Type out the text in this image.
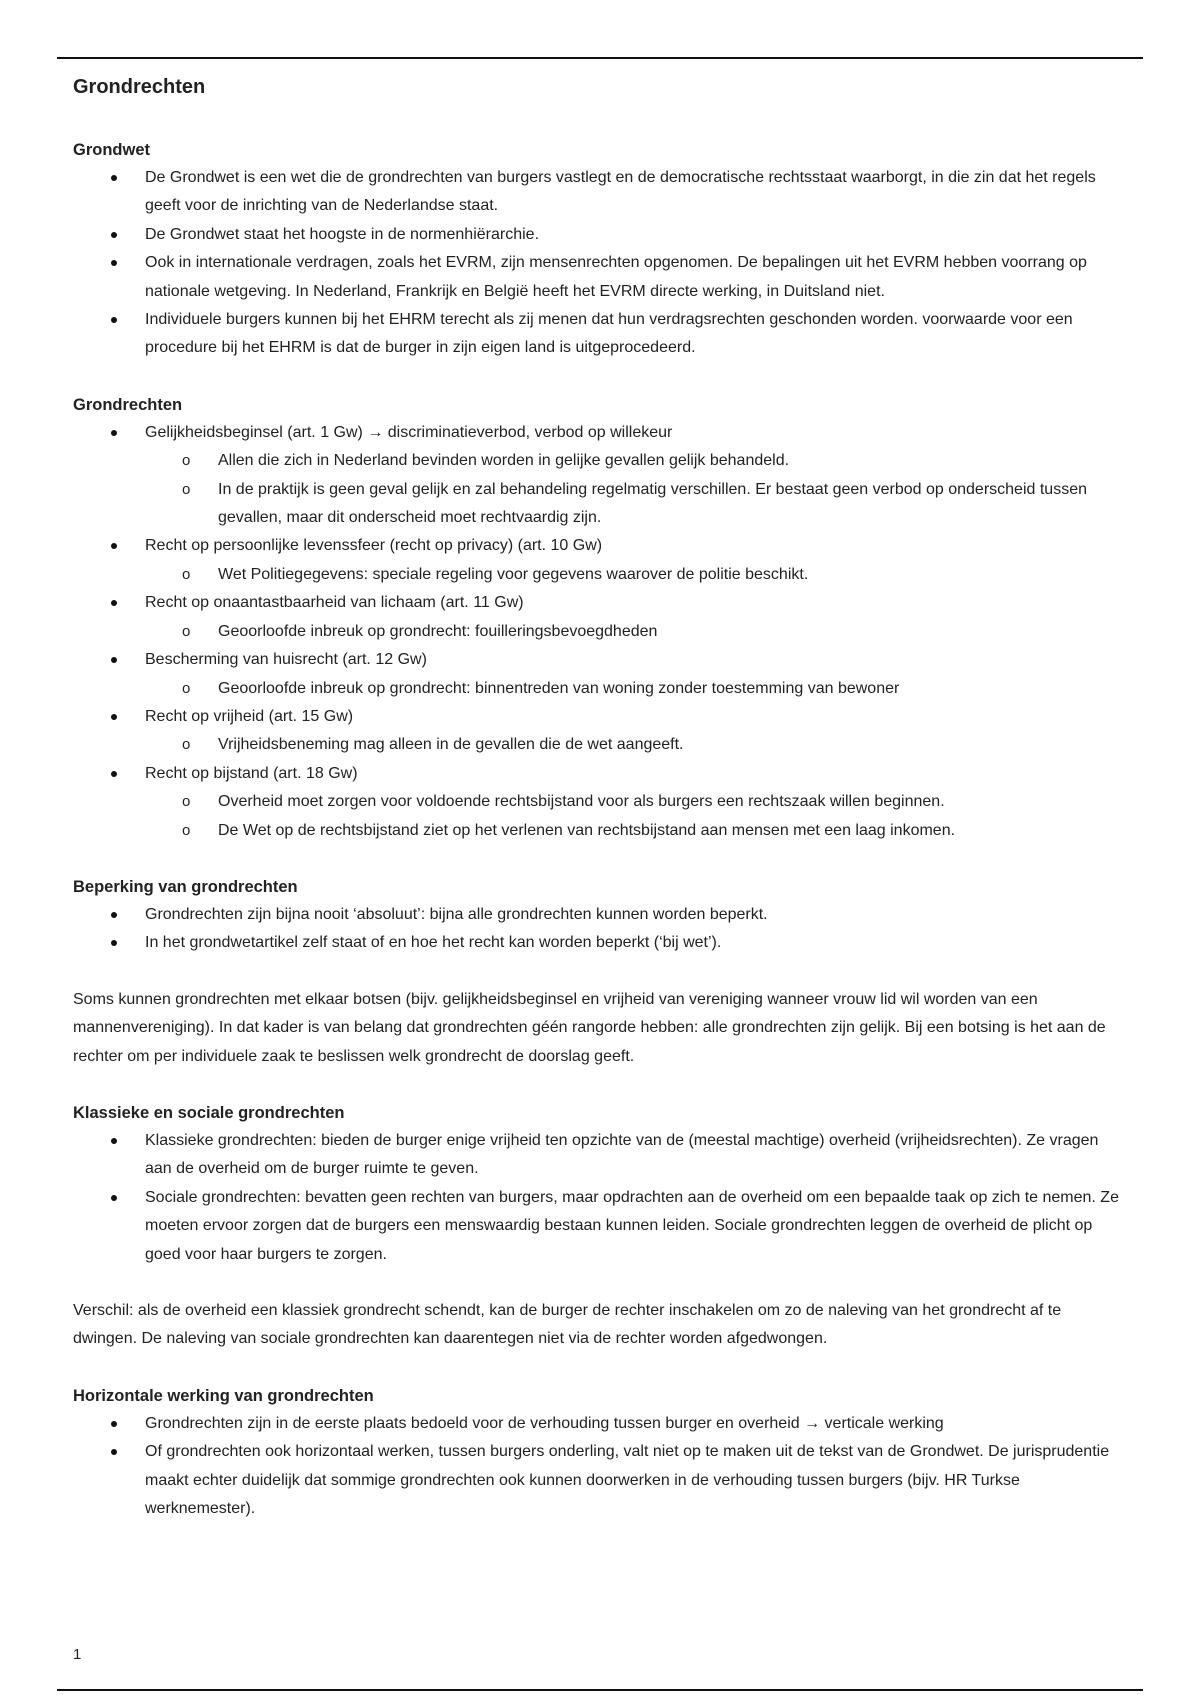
Grondrechten
Grondwet
De Grondwet is een wet die de grondrechten van burgers vastlegt en de democratische rechtsstaat waarborgt, in die zin dat het regels geeft voor de inrichting van de Nederlandse staat.
De Grondwet staat het hoogste in de normenhiërarchie.
Ook in internationale verdragen, zoals het EVRM, zijn mensenrechten opgenomen. De bepalingen uit het EVRM hebben voorrang op nationale wetgeving. In Nederland, Frankrijk en België heeft het EVRM directe werking, in Duitsland niet.
Individuele burgers kunnen bij het EHRM terecht als zij menen dat hun verdragsrechten geschonden worden. voorwaarde voor een procedure bij het EHRM is dat de burger in zijn eigen land is uitgeprocedeerd.
Grondrechten
Gelijkheidsbeginsel (art. 1 Gw) → discriminatieverbod, verbod op willekeur
o Allen die zich in Nederland bevinden worden in gelijke gevallen gelijk behandeld.
o In de praktijk is geen geval gelijk en zal behandeling regelmatig verschillen. Er bestaat geen verbod op onderscheid tussen gevallen, maar dit onderscheid moet rechtvaardig zijn.
Recht op persoonlijke levenssfeer (recht op privacy) (art. 10 Gw)
o Wet Politiegegevens: speciale regeling voor gegevens waarover de politie beschikt.
Recht op onaantastbaarheid van lichaam (art. 11 Gw)
o Geoorloofde inbreuk op grondrecht: fouilleringsbevoegdheden
Bescherming van huisrecht (art. 12 Gw)
o Geoorloofde inbreuk op grondrecht: binnentreden van woning zonder toestemming van bewoner
Recht op vrijheid (art. 15 Gw)
o Vrijheidsbeneming mag alleen in de gevallen die de wet aangeeft.
Recht op bijstand (art. 18 Gw)
o Overheid moet zorgen voor voldoende rechtsbijstand voor als burgers een rechtszaak willen beginnen.
o De Wet op de rechtsbijstand ziet op het verlenen van rechtsbijstand aan mensen met een laag inkomen.
Beperking van grondrechten
Grondrechten zijn bijna nooit ‘absoluut’: bijna alle grondrechten kunnen worden beperkt.
In het grondwetartikel zelf staat of en hoe het recht kan worden beperkt (‘bij wet’).

Soms kunnen grondrechten met elkaar botsen (bijv. gelijkheidsbeginsel en vrijheid van vereniging wanneer vrouw lid wil worden van een mannenvereniging). In dat kader is van belang dat grondrechten géén rangorde hebben: alle grondrechten zijn gelijk. Bij een botsing is het aan de rechter om per individuele zaak te beslissen welk grondrecht de doorslag geeft.

Klassieke en sociale grondrechten
Klassieke grondrechten: bieden de burger enige vrijheid ten opzichte van de (meestal machtige) overheid (vrijheidsrechten). Ze vragen aan de overheid om de burger ruimte te geven.
Sociale grondrechten: bevatten geen rechten van burgers, maar opdrachten aan de overheid om een bepaalde taak op zich te nemen. Ze moeten ervoor zorgen dat de burgers een menswaardig bestaan kunnen leiden. Sociale grondrechten leggen de overheid de plicht op goed voor haar burgers te zorgen.

Verschil: als de overheid een klassiek grondrecht schendt, kan de burger de rechter inschakelen om zo de naleving van het grondrecht af te dwingen. De naleving van sociale grondrechten kan daarentegen niet via de rechter worden afgedwongen.

Horizontale werking van grondrechten
Grondrechten zijn in de eerste plaats bedoeld voor de verhouding tussen burger en overheid → verticale werking
Of grondrechten ook horizontaal werken, tussen burgers onderling, valt niet op te maken uit de tekst van de Grondwet. De jurisprudentie maakt echter duidelijk dat sommige grondrechten ook kunnen doorwerken in de verhouding tussen burgers (bijv. HR Turkse werknemester).
1
